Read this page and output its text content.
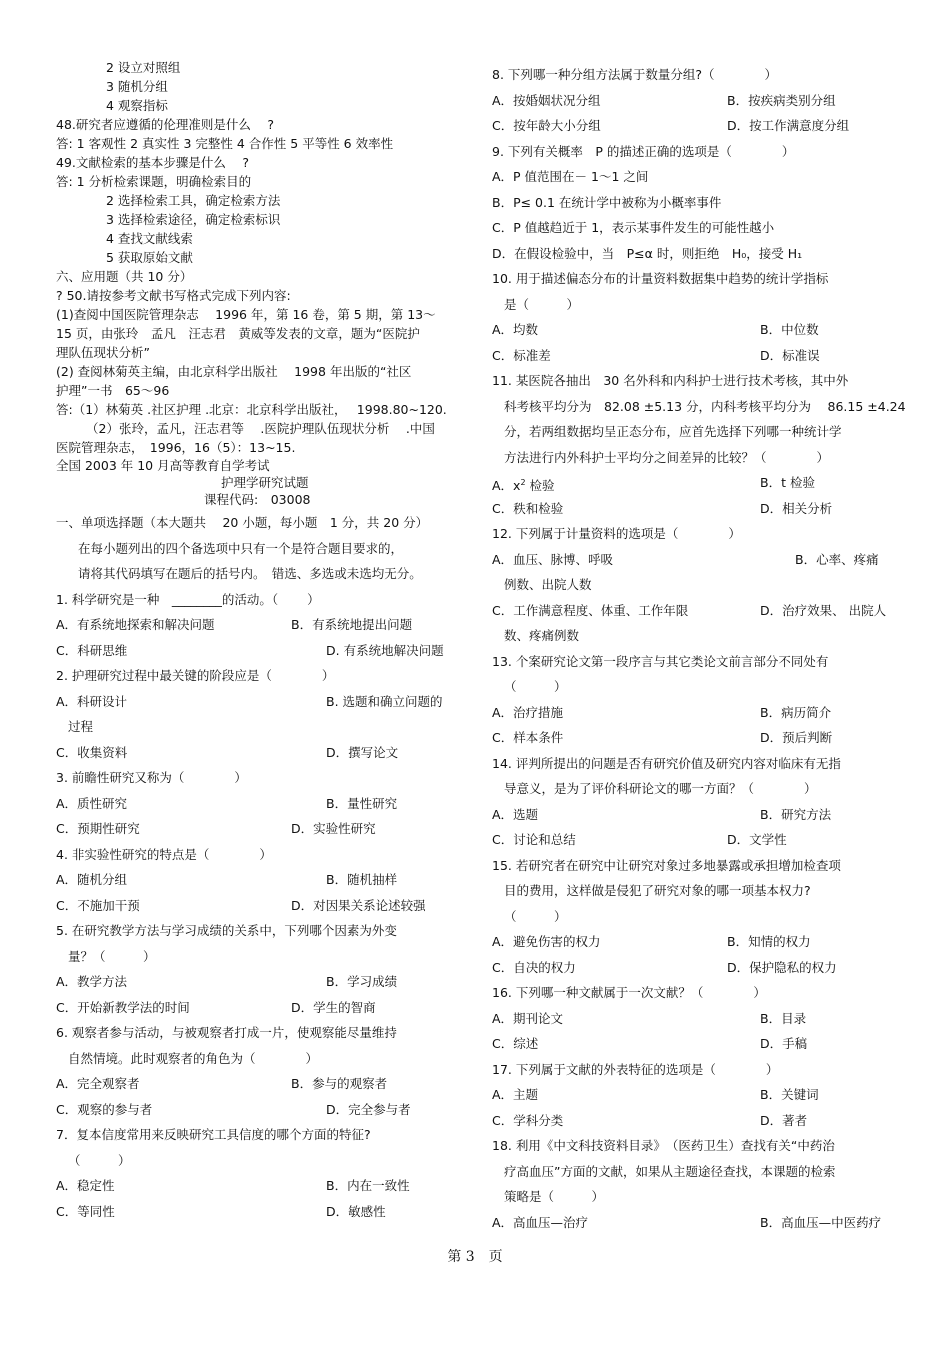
2 设立对照组
3 随机分组
4 观察指标
48.研究者应遵循的伦理准则是什么　 ?
答: 1 客观性 2 真实性 3 完整性 4 合作性 5 平等性 6 效率性
49.文献检索的基本步骤是什么　 ?
答: 1 分析检索课题，明确检索目的
2 选择检索工具，确定检索方法
3 选择检索途径，确定检索标识
4 查找文献线索
5 获取原始文献
六、应用题（共 10 分）
? 50.请按参考文献书写格式完成下列内容:
(1)查阅中国医院管理杂志　 1996 年，第 16 卷，第 5 期，第 13～
15 页，由张玲　孟凡　汪志君　黄威等发表的文章，题为“医院护
理队伍现状分析”
(2) 查阅林菊英主编，由北京科学出版社　 1998 年出版的“社区
护理”一书　65～96
答:（1）林菊英 .社区护理 .北京：北京科学出版社，　 1998.80~120.
（2）张玲，孟凡，汪志君等　 .医院护理队伍现状分析　 .中国
医院管理杂志，　1996，16（5）：13~15.
全国 2003 年 10 月高等教育自学考试
护理学研究试题
课程代码:　03008
一、单项选择题（本大题共　 20 小题，每小题　1 分，共 20 分）
在每小题列出的四个备选项中只有一个是符合题目要求的，
请将其代码填写在题后的括号内。　错选、多选或未选均无分。
1. 科学研究是一种　________的活动。（　　 ）
A．有系统地探索和解决问题	B．有系统地提出问题
C．科研思维	D. 有系统地解决问题
2. 护理研究过程中最关键的阶段应是（　　　　）
A．科研设计	B. 选题和确立问题的
过程
C．收集资料	D．撰写论文
3. 前瞻性研究又称为（　　　　）
A．质性研究	B．量性研究
C．预期性研究	D．实验性研究
4. 非实验性研究的特点是（　　　　）
A．随机分组	B．随机抽样
C．不施加干预	D．对因果关系论述较强
5. 在研究教学方法与学习成绩的关系中，下列哪个因素为外变
量？（　　　）
A．教学方法	B．学习成绩
C．开始新教学法的时间	D．学生的智商
6. 观察者参与活动，与被观察者打成一片，使观察能尽量维持
自然情境。此时观察者的角色为（　　　　）
A．完全观察者	B．参与的观察者
C．观察的参与者	D．完全参与者
7．复本信度常用来反映研究工具信度的哪个方面的特征?
（　　　）
A．稳定性	B．内在一致性
C．等同性	D．敏感性
8. 下列哪一种分组方法属于数量分组?（　　　　）
A．按婚姻状况分组	B．按疾病类别分组
C．按年龄大小分组	D．按工作满意度分组
9. 下列有关概率　P 的描述正确的选项是（　　　　）
A．P 值范围在－ 1～1 之间
B．P≤ 0.1 在统计学中被称为小概率事件
C．P 值越趋近于 1，表示某事件发生的可能性越小
D．在假设检验中，当　P≤α 时，则拒绝　H₀，接受 H₁
10. 用于描述偏态分布的计量资料数据集中趋势的统计学指标
是（　　　）
A．均数	B．中位数
C．标准差	D．标准误
11. 某医院各抽出　30 名外科和内科护士进行技术考核，其中外
科考核平均分为　82.08 ±5.13 分，内科考核平均分为　 86.15 ±4.24
分，若两组数据均呈正态分布，应首先选择下列哪一种统计学
方法进行内外科护士平均分之间差异的比较？（　　　　）
A．$x^2$ 检验	B．t 检验
C．秩和检验	D．相关分析
12. 下列属于计量资料的选项是（　　　　）
A．血压、脉博、呼吸	B．心率、疼痛
例数、出院人数
C．工作满意程度、体重、工作年限	D．治疗效果、 出院人
数、疼痛例数
13. 个案研究论文第一段序言与其它类论文前言部分不同处有
（　　　）
A．治疗措施	B．病历简介
C．样本条件	D．预后判断
14. 评判所提出的问题是否有研究价值及研究内容对临床有无指
导意义，是为了评价科研论文的哪一方面？（　　　　）
A．选题	B．研究方法
C．讨论和总结	D．文学性
15. 若研究者在研究中让研究对象过多地暴露或承担增加检查项
目的费用，这样做是侵犯了研究对象的哪一项基本权力?
（　　　）
A．避免伤害的权力	B．知情的权力
C．自决的权力	D．保护隐私的权力
16. 下列哪一种文献属于一次文献？（　　　　）
A．期刊论文	B．目录
C．综述	D．手稿
17. 下列属于文献的外表特征的选项是（　　　　）
A．主题	B．关键词
C．学科分类	D．著者
18. 利用《中文科技资料目录》　（医药卫生）查找有关“中药治
疗高血压”方面的文献，如果从主题途径查找，本课题的检索
策略是（　　　）
A．高血压—治疗	B．高血压—中医药疗
第 3　页
